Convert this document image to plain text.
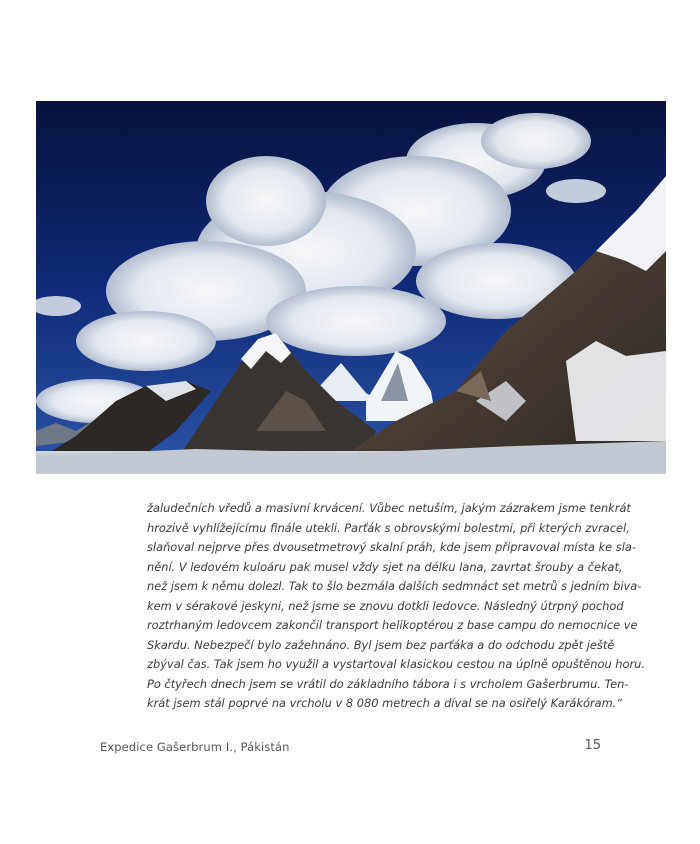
žaludečních vředů a masivní krvácení. Vůbec netuším, jakým zázrakem jsme tenkrát
hrozivě vyhlížejícímu finále utekli. Parťák s obrovskými bolestmi, při kterých zvracel,
slaňoval nejprve přes dvousetmetrový skalní práh, kde jsem připravoval místa ke sla-
nění. V ledovém kuloáru pak musel vždy sjet na délku lana, zavrtat šrouby a čekat,
než jsem k němu dolezl. Tak to šlo bezmála dalších sedmnáct set metrů s jedním biva-
kem v sérakové jeskyni, než jsme se znovu dotkli ledovce. Následný útrpný pochod
roztrhaným ledovcem zakončil transport helikoptérou z base campu do nemocnice ve
Skardu. Nebezpečí bylo zažehnáno. Byl jsem bez parťáka a do odchodu zpět ještě
zbýval čas. Tak jsem ho využil a vystartoval klasickou cestou na úplně opuštěnou horu.
Po čtyřech dnech jsem se vrátil do základního tábora i s vrcholem Gašerbrumu. Ten-
krát jsem stál poprvé na vrcholu v 8 080 metrech a díval se na osiřelý Karákóram.“
Expedice Gašerbrum I., Pákistán	15
